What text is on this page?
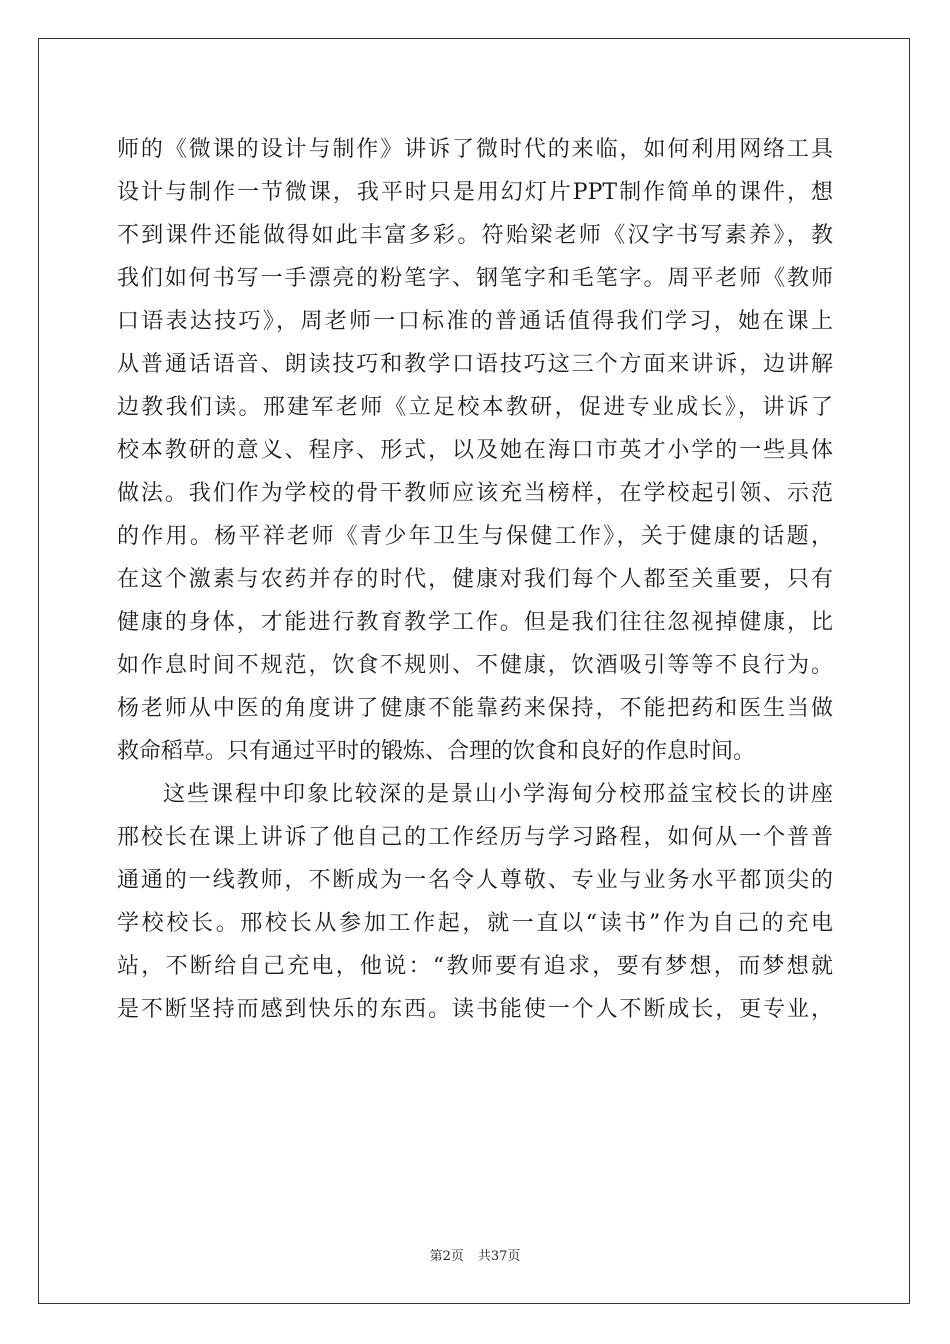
师的《微课的设计与制作》讲诉了微时代的来临，如何利用网络工具
设计与制作一节微课，我平时只是用幻灯片PPT制作简单的课件，想
不到课件还能做得如此丰富多彩。符贻梁老师《汉字书写素养》，教
我们如何书写一手漂亮的粉笔字、钢笔字和毛笔字。周平老师《教师
口语表达技巧》，周老师一口标准的普通话值得我们学习，她在课上
从普通话语音、朗读技巧和教学口语技巧这三个方面来讲诉，边讲解
边教我们读。邢建军老师《立足校本教研，促进专业成长》，讲诉了
校本教研的意义、程序、形式，以及她在海口市英才小学的一些具体
做法。我们作为学校的骨干教师应该充当榜样，在学校起引领、示范
的作用。杨平祥老师《青少年卫生与保健工作》，关于健康的话题，
在这个激素与农药并存的时代，健康对我们每个人都至关重要，只有
健康的身体，才能进行教育教学工作。但是我们往往忽视掉健康，比
如作息时间不规范，饮食不规则、不健康，饮酒吸引等等不良行为。
杨老师从中医的角度讲了健康不能靠药来保持，不能把药和医生当做
救命稻草。只有通过平时的锻炼、合理的饮食和良好的作息时间。
这些课程中印象比较深的是景山小学海甸分校邢益宝校长的讲座
邢校长在课上讲诉了他自己的工作经历与学习路程，如何从一个普普
通通的一线教师，不断成为一名令人尊敬、专业与业务水平都顶尖的
学校校长。邢校长从参加工作起，就一直以“读书”作为自己的充电
站，不断给自己充电，他说：“教师要有追求，要有梦想，而梦想就
是不断坚持而感到快乐的东西。读书能使一个人不断成长，更专业，
第2页 共37页
